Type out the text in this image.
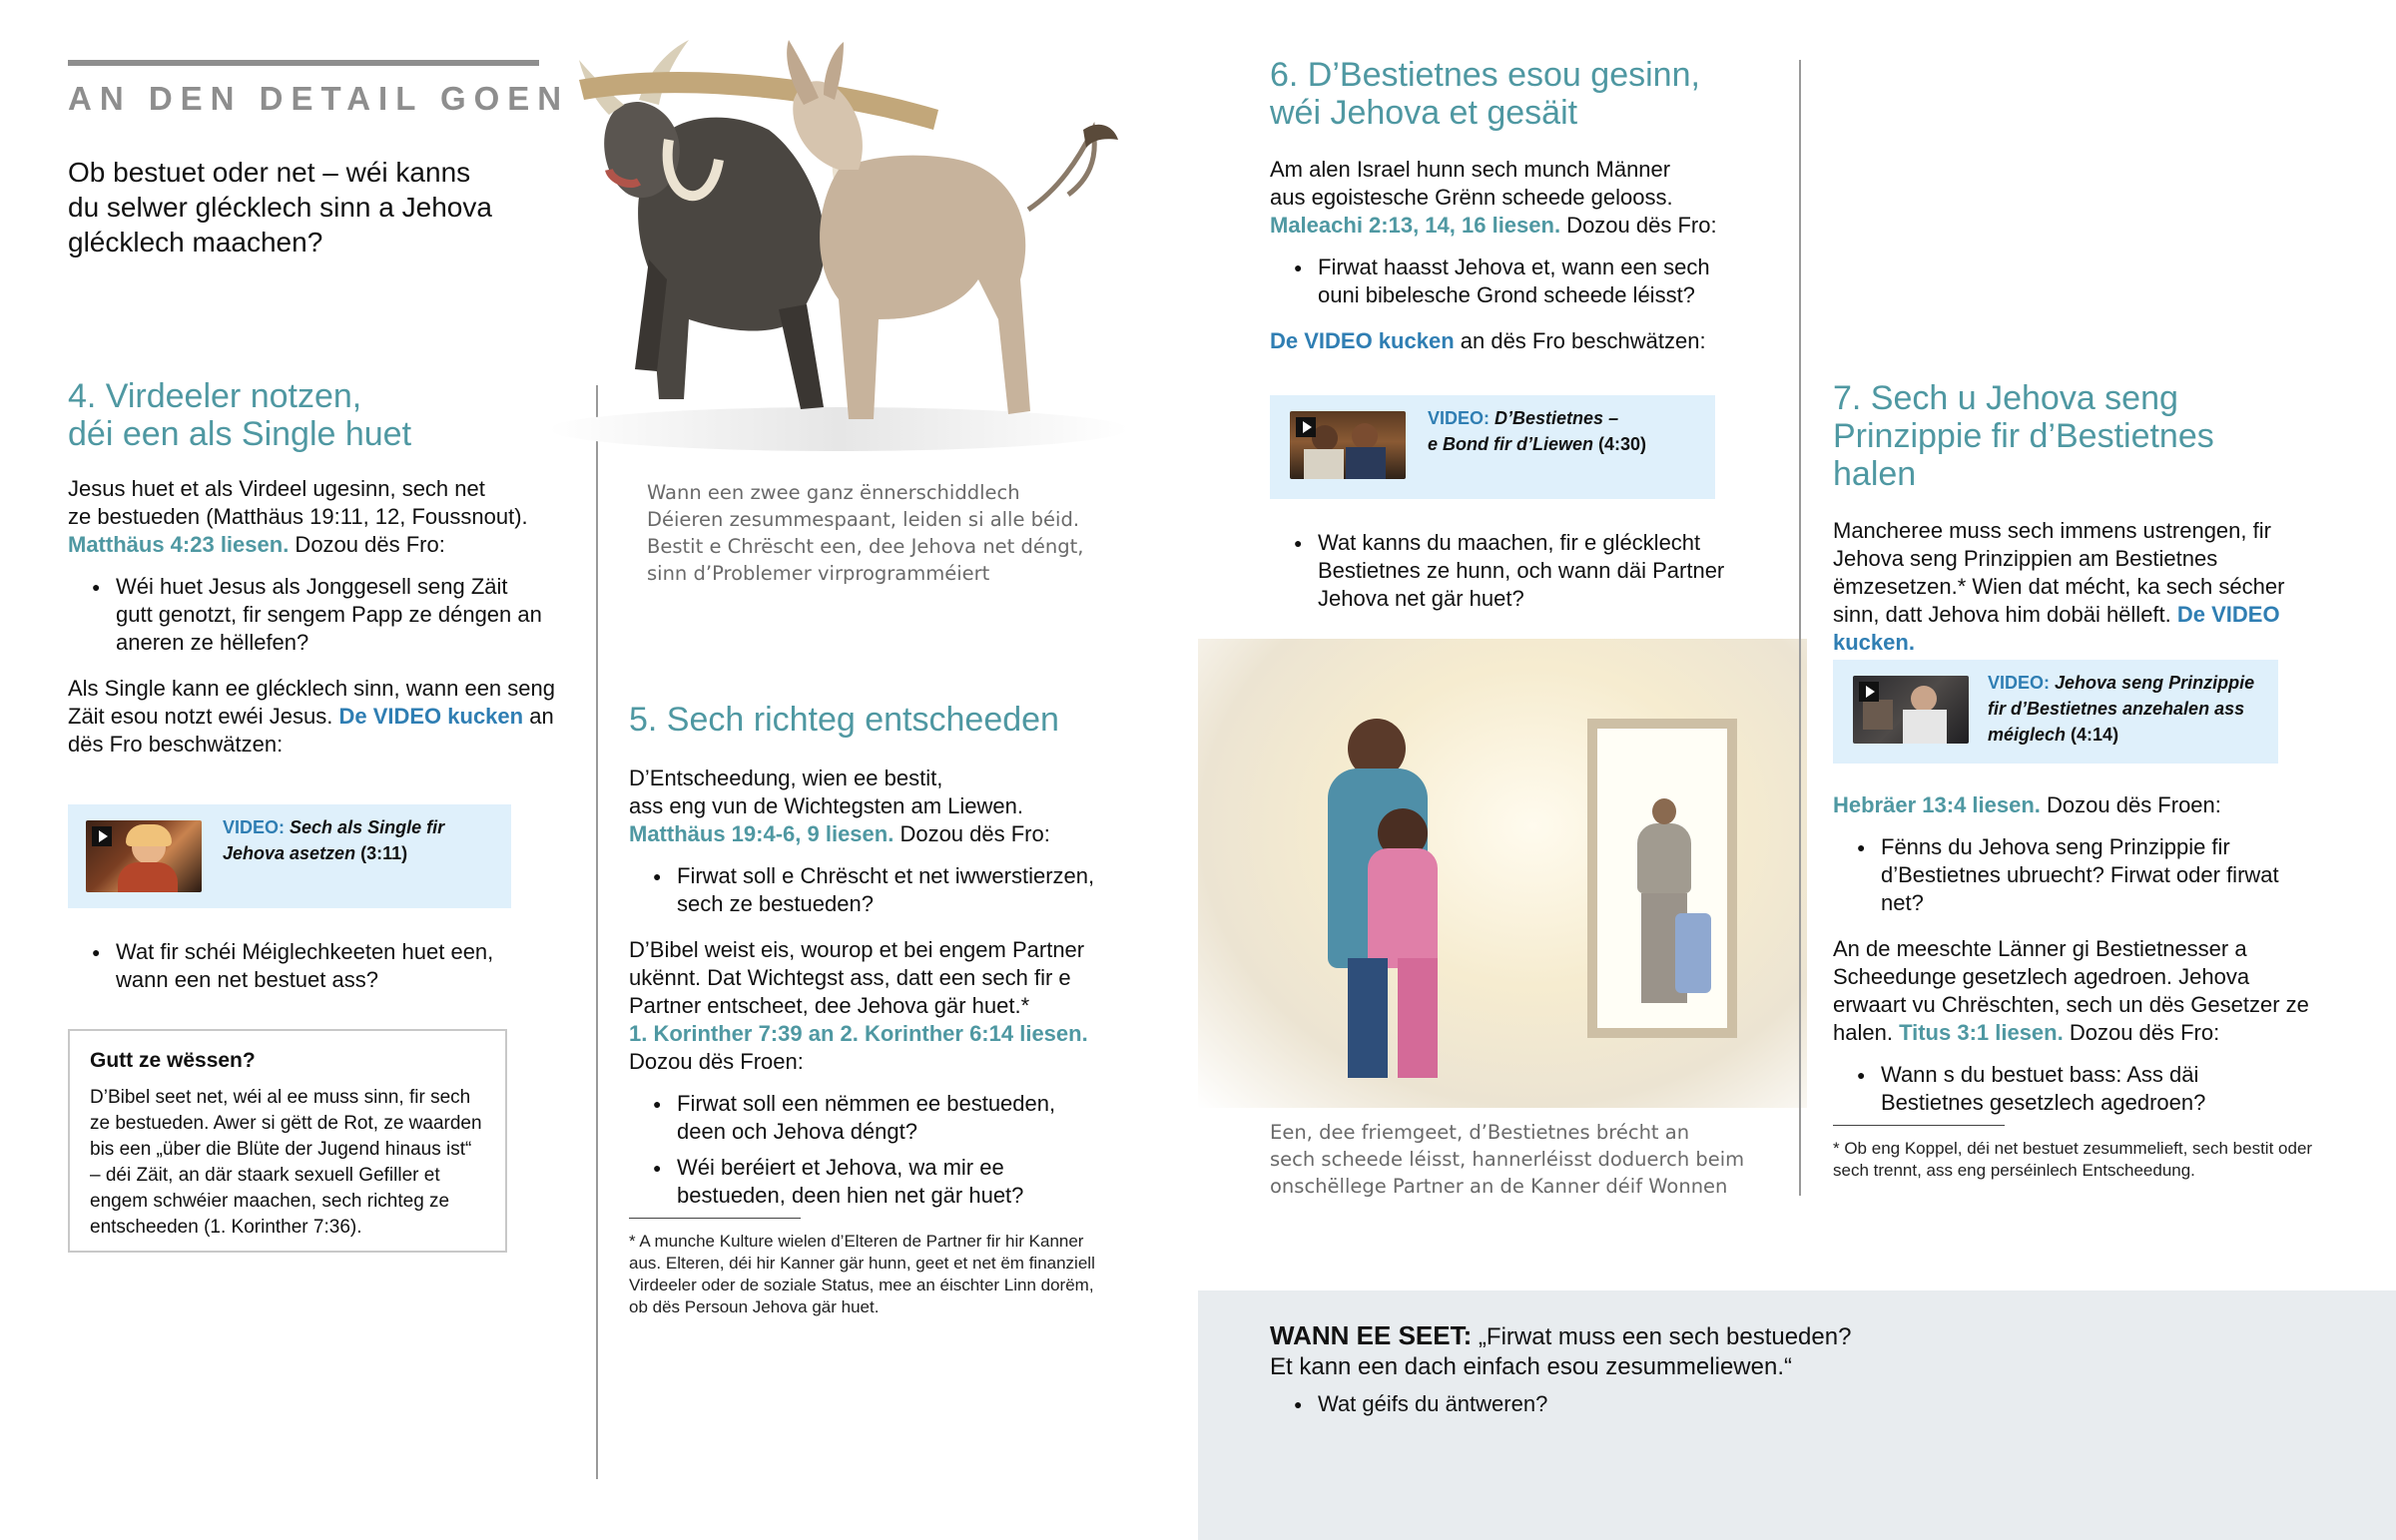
AN DEN DETAIL GOEN
Ob bestuet oder net – wéi kanns
du selwer glécklech sinn a Jehova
glécklech maachen?
4. Virdeeler notzen,
déi een als Single huet
Jesus huet et als Virdeel ugesinn, sech net
ze bestueden (Matthäus 19:11, 12, Foussnout).
Matthäus 4:23 liesen. Dozou dës Fro:
● Wéi huet Jesus als Jonggesell seng Zäit gutt genotzt, fir sengem Papp ze déngen an aneren ze hëllefen?
Als Single kann ee glécklech sinn, wann een seng Zäit esou notzt ewéi Jesus. De VIDEO kucken an dës Fro beschwätzen:
VIDEO: Sech als Single fir
Jehova asetzen (3:11)
● Wat fir schéi Méiglechkeeten huet een, wann een net bestuet ass?
Gutt ze wëssen?
D’Bibel seet net, wéi al ee muss sinn, fir sech ze bestueden. Awer si gëtt de Rot, ze waarden bis een „über die Blüte der Jugend hinaus ist“ – déi Zäit, an där staark sexuell Gefiller et engem schwéier maachen, sech richteg ze entscheeden (1. Korinther 7:36).
Wann een zwee ganz ënnerschiddlech
Déieren zesummespaant, leiden si alle béid.
Bestit e Chrëscht een, dee Jehova net déngt,
sinn d’Problemer virprogramméiert
5. Sech richteg entscheeden
D’Entscheedung, wien ee bestit,
ass eng vun de Wichtegsten am Liewen.
Matthäus 19:4-6, 9 liesen. Dozou dës Fro:
● Firwat soll e Chrëscht et net iwwerstierzen, sech ze bestueden?
D’Bibel weist eis, wourop et bei engem Partner ukënnt. Dat Wichtegst ass, datt een sech fir e Partner entscheet, dee Jehova gär huet.*
1. Korinther 7:39 an 2. Korinther 6:14 liesen.
Dozou dës Froen:
● Firwat soll een nëmmen ee bestueden, deen och Jehova déngt?
● Wéi beréiert et Jehova, wa mir ee bestueden, deen hien net gär huet?
* A munche Kulture wielen d’Elteren de Partner fir hir Kanner aus. Elteren, déi hir Kanner gär hunn, geet et net ëm finanziell Virdeeler oder de soziale Status, mee an éischter Linn dorëm, ob dës Persoun Jehova gär huet.
6. D’Bestietnes esou gesinn,
wéi Jehova et gesäit
Am alen Israel hunn sech munch Männer
aus egoistesche Grënn scheede gelooss.
Maleachi 2:13, 14, 16 liesen. Dozou dës Fro:
● Firwat haasst Jehova et, wann een sech ouni bibelesche Grond scheede léisst?
De VIDEO kucken an dës Fro beschwätzen:
VIDEO: D’Bestietnes –
e Bond fir d’Liewen (4:30)
● Wat kanns du maachen, fir e glécklecht Bestietnes ze hunn, och wann däi Partner Jehova net gär huet?
Een, dee friemgeet, d’Bestietnes brécht an
sech scheede léisst, hannerléisst doduerch beim
onschëllege Partner an de Kanner déif Wonnen
7. Sech u Jehova seng
Prinzippie fir d’Bestietnes
halen
Mancheree muss sech immens ustrengen, fir Jehova seng Prinzippien am Bestietnes ëmzesetzen.* Wien dat mécht, ka sech sécher sinn, datt Jehova him dobäi hëlleft. De VIDEO kucken.
VIDEO: Jehova seng Prinzippie
fir d’Bestietnes anzehalen ass
méiglech (4:14)
Hebräer 13:4 liesen. Dozou dës Froen:
● Fënns du Jehova seng Prinzippie fir d’Bestietnes ubruecht? Firwat oder firwat net?
An de meeschte Länner gi Bestietnesser a Scheedunge gesetzlech agedroen. Jehova erwaart vu Chrëschten, sech un dës Gesetzer ze halen. Titus 3:1 liesen. Dozou dës Fro:
● Wann s du bestuet bass: Ass däi Bestietnes gesetzlech agedroen?
* Ob eng Koppel, déi net bestuet zesummelieft, sech bestit oder sech trennt, ass eng perséinlech Entscheedung.
WANN EE SEET: „Firwat muss een sech bestueden?
Et kann een dach einfach esou zesummeliewen.“
● Wat géifs du äntweren?
